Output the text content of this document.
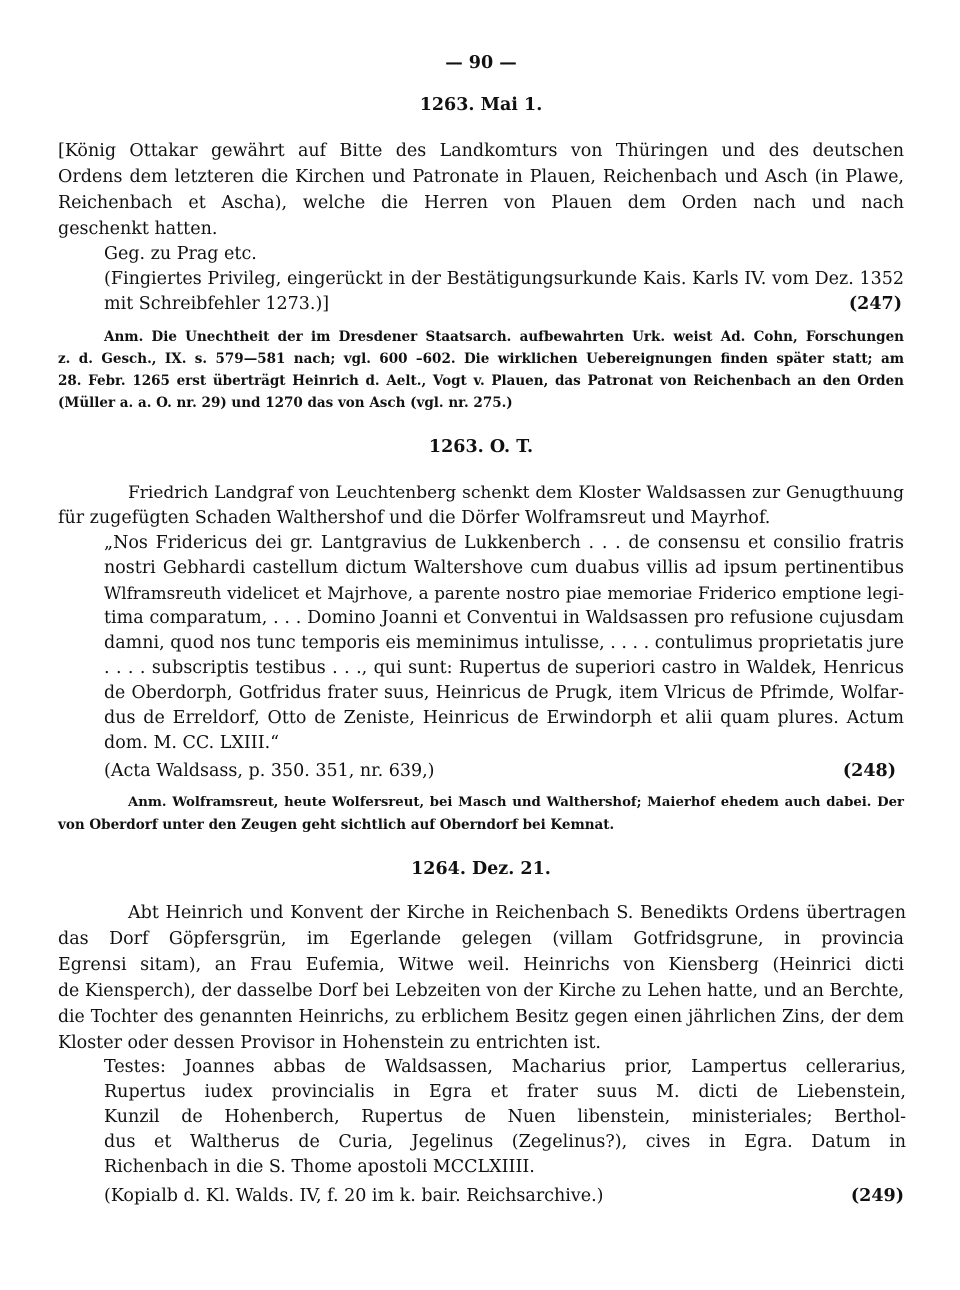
— 90 —
1263. Mai 1.
[König Ottakar gewährt auf Bitte des Landkomturs von Thüringen und des deutschen
Ordens dem letzteren die Kirchen und Patronate in Plauen, Reichenbach und Asch (in Plawe,
Reichenbach et Ascha), welche die Herren von Plauen dem Orden nach und nach
geschenkt hatten.
Geg. zu Prag etc.
(Fingiertes Privileg, eingerückt in der Bestätigungsurkunde Kais. Karls IV. vom Dez. 1352
mit Schreibfehler 1273.)]	(247)
Anm. Die Unechtheit der im Dresdener Staatsarch. aufbewahrten Urk. weist Ad. Cohn, Forschungen
z. d. Gesch., IX. s. 579—581 nach; vgl. 600 –602. Die wirklichen Uebereignungen finden später statt; am
28. Febr. 1265 erst überträgt Heinrich d. Aelt., Vogt v. Plauen, das Patronat von Reichenbach an den Orden
(Müller a. a. O. nr. 29) und 1270 das von Asch (vgl. nr. 275.)
1263. O. T.
Friedrich Landgraf von Leuchtenberg schenkt dem Kloster Waldsassen zur Genugthuung
für zugefügten Schaden Walthershof und die Dörfer Wolframsreut und Mayrhof.
„Nos Fridericus dei gr. Lantgravius de Lukkenberch . . . de consensu et consilio fratris
nostri Gebhardi castellum dictum Waltershove cum duabus villis ad ipsum pertinentibus
Wlframsreuth videlicet et Majrhove, a parente nostro piae memoriae Friderico emptione legi-
tima comparatum, . . . Domino Joanni et Conventui in Waldsassen pro refusione cujusdam
damni, quod nos tunc temporis eis meminimus intulisse, . . . . contulimus proprietatis jure
. . . . subscriptis testibus . . ., qui sunt: Rupertus de superiori castro in Waldek, Henricus
de Oberdorph, Gotfridus frater suus, Heinricus de Prugk, item Vlricus de Pfrimde, Wolfar-
dus de Erreldorf, Otto de Zeniste, Heinricus de Erwindorph et alii quam plures. Actum
dom. M. CC. LXIII.“
(Acta Waldsass, p. 350. 351, nr. 639,)	(248)
Anm. Wolframsreut, heute Wolfersreut, bei Masch und Walthershof; Maierhof ehedem auch dabei. Der
von Oberdorf unter den Zeugen geht sichtlich auf Oberndorf bei Kemnat.
1264. Dez. 21.
Abt Heinrich und Konvent der Kirche in Reichenbach S. Benedikts Ordens übertragen
das Dorf Göpfersgrün, im Egerlande gelegen (villam Gotfridsgrune, in provincia
Egrensi sitam), an Frau Eufemia, Witwe weil. Heinrichs von Kiensberg (Heinrici dicti
de Kiensperch), der dasselbe Dorf bei Lebzeiten von der Kirche zu Lehen hatte, und an Berchte,
die Tochter des genannten Heinrichs, zu erblichem Besitz gegen einen jährlichen Zins, der dem
Kloster oder dessen Provisor in Hohenstein zu entrichten ist.
Testes: Joannes abbas de Waldsassen, Macharius prior, Lampertus cellerarius,
Rupertus iudex provincialis in Egra et frater suus M. dicti de Liebenstein,
Kunzil de Hohenberch, Rupertus de Nuen libenstein, ministeriales; Berthol-
dus et Waltherus de Curia, Jegelinus (Zegelinus?), cives in Egra. Datum in
Richenbach in die S. Thome apostoli MCCLXIIII.
(Kopialb d. Kl. Walds. IV, f. 20 im k. bair. Reichsarchive.)	(249)
